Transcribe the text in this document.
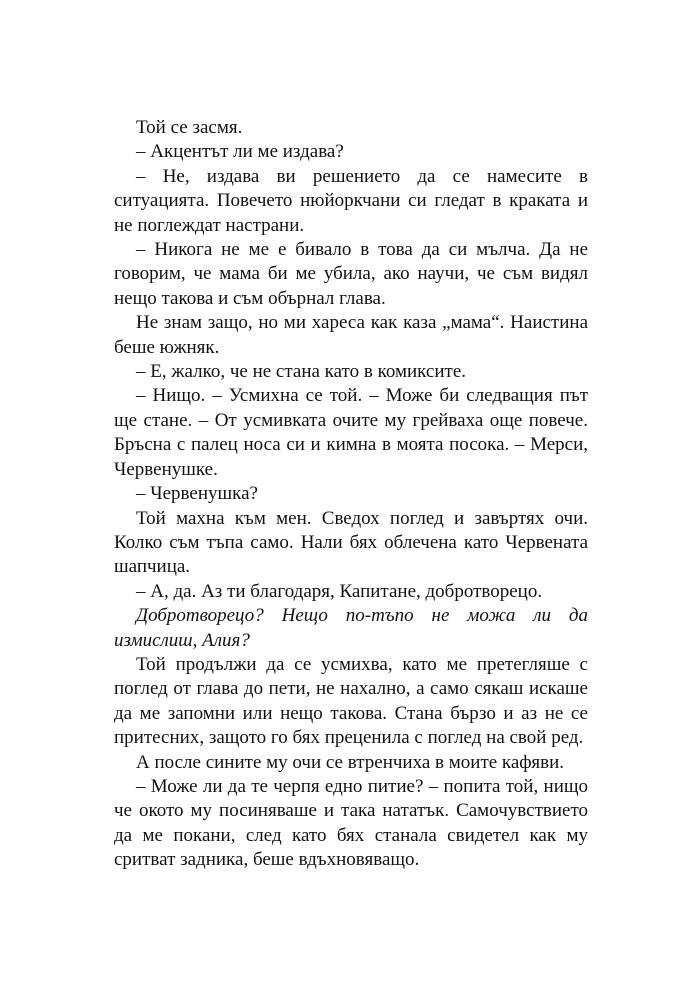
Той се засмя.

– Акцентът ли ме издава?

– Не, издава ви решението да се намесите в ситуацията. Повечето нюйоркчани си гледат в краката и не поглеждат настрани.

– Никога не ме е бивало в това да си мълча. Да не говорим, че мама би ме убила, ако научи, че съм видял нещо такова и съм обърнал глава.

Не знам защо, но ми хареса как каза „мама“. Наистина беше южняк.

– Е, жалко, че не стана като в комиксите.

– Нищо. – Усмихна се той. – Може би следващия път ще стане. – От усмивката очите му грейваха още повече. Бръсна с палец носа си и кимна в моята посока. – Мерси, Червенушке.

– Червенушка?

Той махна към мен. Сведох поглед и завъртях очи. Колко съм тъпа само. Нали бях облечена като Червената шапчица.

– А, да. Аз ти благодаря, Капитане, добротворецо.

Добротворецо? Нещо по-тъпо не можа ли да измислиш, Алия?

Той продължи да се усмихва, като ме претегляше с поглед от глава до пети, не нахално, а само сякаш искаше да ме запомни или нещо такова. Стана бързо и аз не се притесних, защото го бях преценила с поглед на свой ред.

А после сините му очи се втренчиха в моите кафяви.

– Може ли да те черпя едно питие? – попита той, нищо че окото му посиняваше и така нататък. Самочувствието да ме покани, след като бях станала свидетел как му сритват задника, беше вдъхновяващо.
